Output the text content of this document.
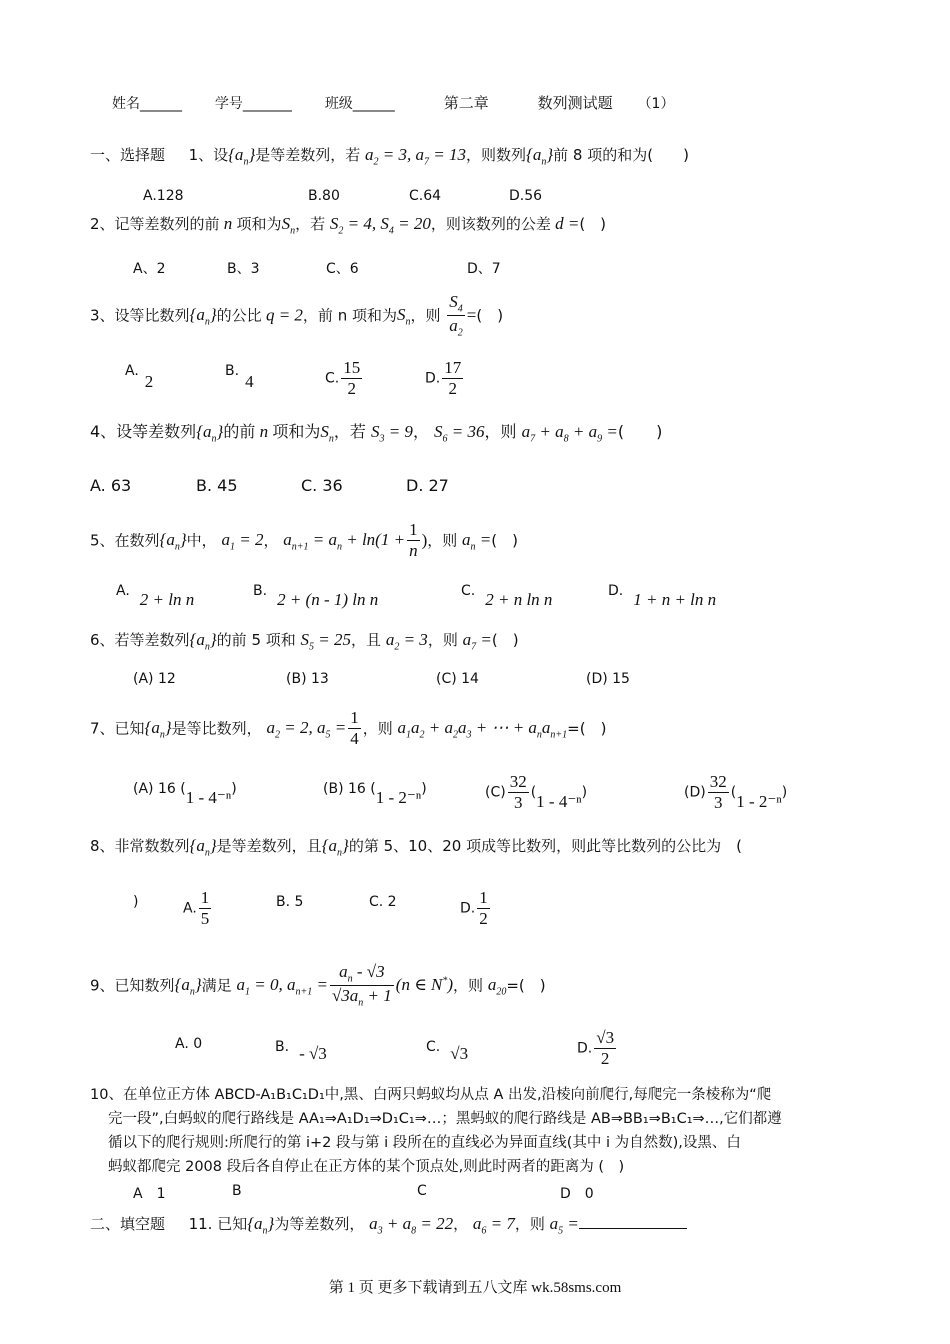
姓名______ 学号_______ 班级______	第二章	数列测试题 （1）
一、选择题 1、设$\{a_n\}$是等差数列，若 $a_2 = 3$, $a_7 = 13$，则数列$\{a_n\}$前 8 项的和为(　　)
A.128	B.80	C.64	D.56
2、记等差数列的前 n 项和为$S_n$，若 $S_2 = 4$, $S_4 = 20$，则该数列的公差 d =(　)
A、2	B、3	C、6	D、7
3、设等比数列$\{a_n\}$的公比 q = 2，前 n 项和为$S_n$，则 $\frac{S_4}{a_2}$ =(　)
A.2
B.4	C. $\frac{15}{2}$	D. $\frac{17}{2}$
4、设等差数列$\{a_n\}$的前 n 项和为$S_n$，若 $S_3 = 9$， $S_6 = 36$，则 $a_7 + a_8 + a_9$ =(　　)
A. 63	B. 45	C. 36	D. 27
5、在数列$\{a_n\}$中， $a_1 = 2$， $a_{n+1} = a_n + \ln(1 + \frac{1}{n}$ )，则 $a_n$ =(　)
A. 2 + ln n	B. 2 + (n - 1) ln n	C. 2 + n ln n	D. 1 + n + ln n
6、若等差数列$\{a_n\}$的前 5 项和 $S_5 = 25$，且 $a_2 = 3$，则 $a_7$ =(　)
(A) 12	(B) 13	(C) 14	(D) 15
7、已知$\{a_n\}$是等比数列， $a_2 = 2$, $a_5 = \frac{1}{4}$ ，则 $a_1a_2 + a_2a_3$ + ⋯ + $a_na_{n+1}=$(　)
(A) 16 (1 - 4⁻ⁿ)	(B) 16 (1 - 2⁻ⁿ)	$(C) \frac{32}{3} (1 - 4^{-n})$	$(D) \frac{32}{3} (1 - 2^{-n})$
8、非常数数列$\{a_n\}$是等差数列，且$\{a_n\}$的第 5、10、20 项成等比数列，则此等比数列的公比为　(
)	A. $\frac{1}{5}$	B. 5	C. 2	D. $\frac{1}{2}$
9、已知数列$\{a_n\}$满足 $a_1 = 0$, $a_{n+1} = \frac{a_n - √3}{√3a_n + 1} (n$ ∈ N*)，则 $a_{20}=$(　)
A. 0	B. - √3	C. √3	D. $\frac{√3}{2}$
10、在单位正方体 ABCD-A₁B₁C₁D₁中,黑、白两只蚂蚁均从点 A 出发,沿棱向前爬行,每爬完一条棱称为“爬
完一段”,白蚂蚁的爬行路线是 AA₁⇒A₁D₁⇒D₁C₁⇒…；黑蚂蚁的爬行路线是 AB⇒BB₁⇒B₁C₁⇒…,它们都遵
循以下的爬行规则:所爬行的第 i+2 段与第 i 段所在的直线必为异面直线(其中 i 为自然数),设黑、白
蚂蚁都爬完 2008 段后各自停止在正方体的某个顶点处,则此时两者的距离为 (　)
A　1	B	C	D　0
二、填空题 11. 已知$\{a_n\}$为等差数列， $a_3 + a_8 = 22$， $a_6 = 7$，则 $a_5$ =
第 1 页 更多下载请到五八文库 wk.58sms.com
